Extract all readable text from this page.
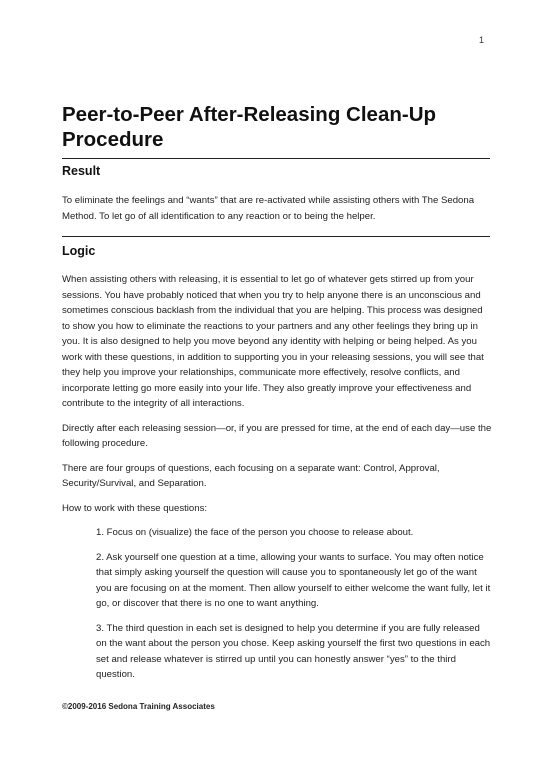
1
Peer-to-Peer After-Releasing Clean-Up Procedure
Result

To eliminate the feelings and “wants” that are re-activated while assisting others with The Sedona Method. To let go of all identification to any reaction or to being the helper.

Logic

When assisting others with releasing, it is essential to let go of whatever gets stirred up from your sessions. You have probably noticed that when you try to help anyone there is an unconscious and sometimes conscious backlash from the individual that you are helping. This process was designed to show you how to eliminate the reactions to your partners and any other feelings they bring up in you. It is also designed to help you move beyond any identity with helping or being helped. As you work with these questions, in addition to supporting you in your releasing sessions, you will see that they help you improve your relationships, communicate more effectively, resolve conflicts, and incorporate letting go more easily into your life. They also greatly improve your effectiveness and contribute to the integrity of all interactions.

Directly after each releasing session—or, if you are pressed for time, at the end of each day—use the following procedure.

There are four groups of questions, each focusing on a separate want: Control, Approval, Security/Survival, and Separation.

How to work with these questions:

1. Focus on (visualize) the face of the person you choose to release about.

2. Ask yourself one question at a time, allowing your wants to surface. You may often notice that simply asking yourself the question will cause you to spontaneously let go of the want you are focusing on at the moment. Then allow yourself to either welcome the want fully, let it go, or discover that there is no one to want anything.

3. The third question in each set is designed to help you determine if you are fully released on the want about the person you chose. Keep asking yourself the first two questions in each set and release whatever is stirred up until you can honestly answer “yes” to the third question.

©2009-2016 Sedona Training Associates
